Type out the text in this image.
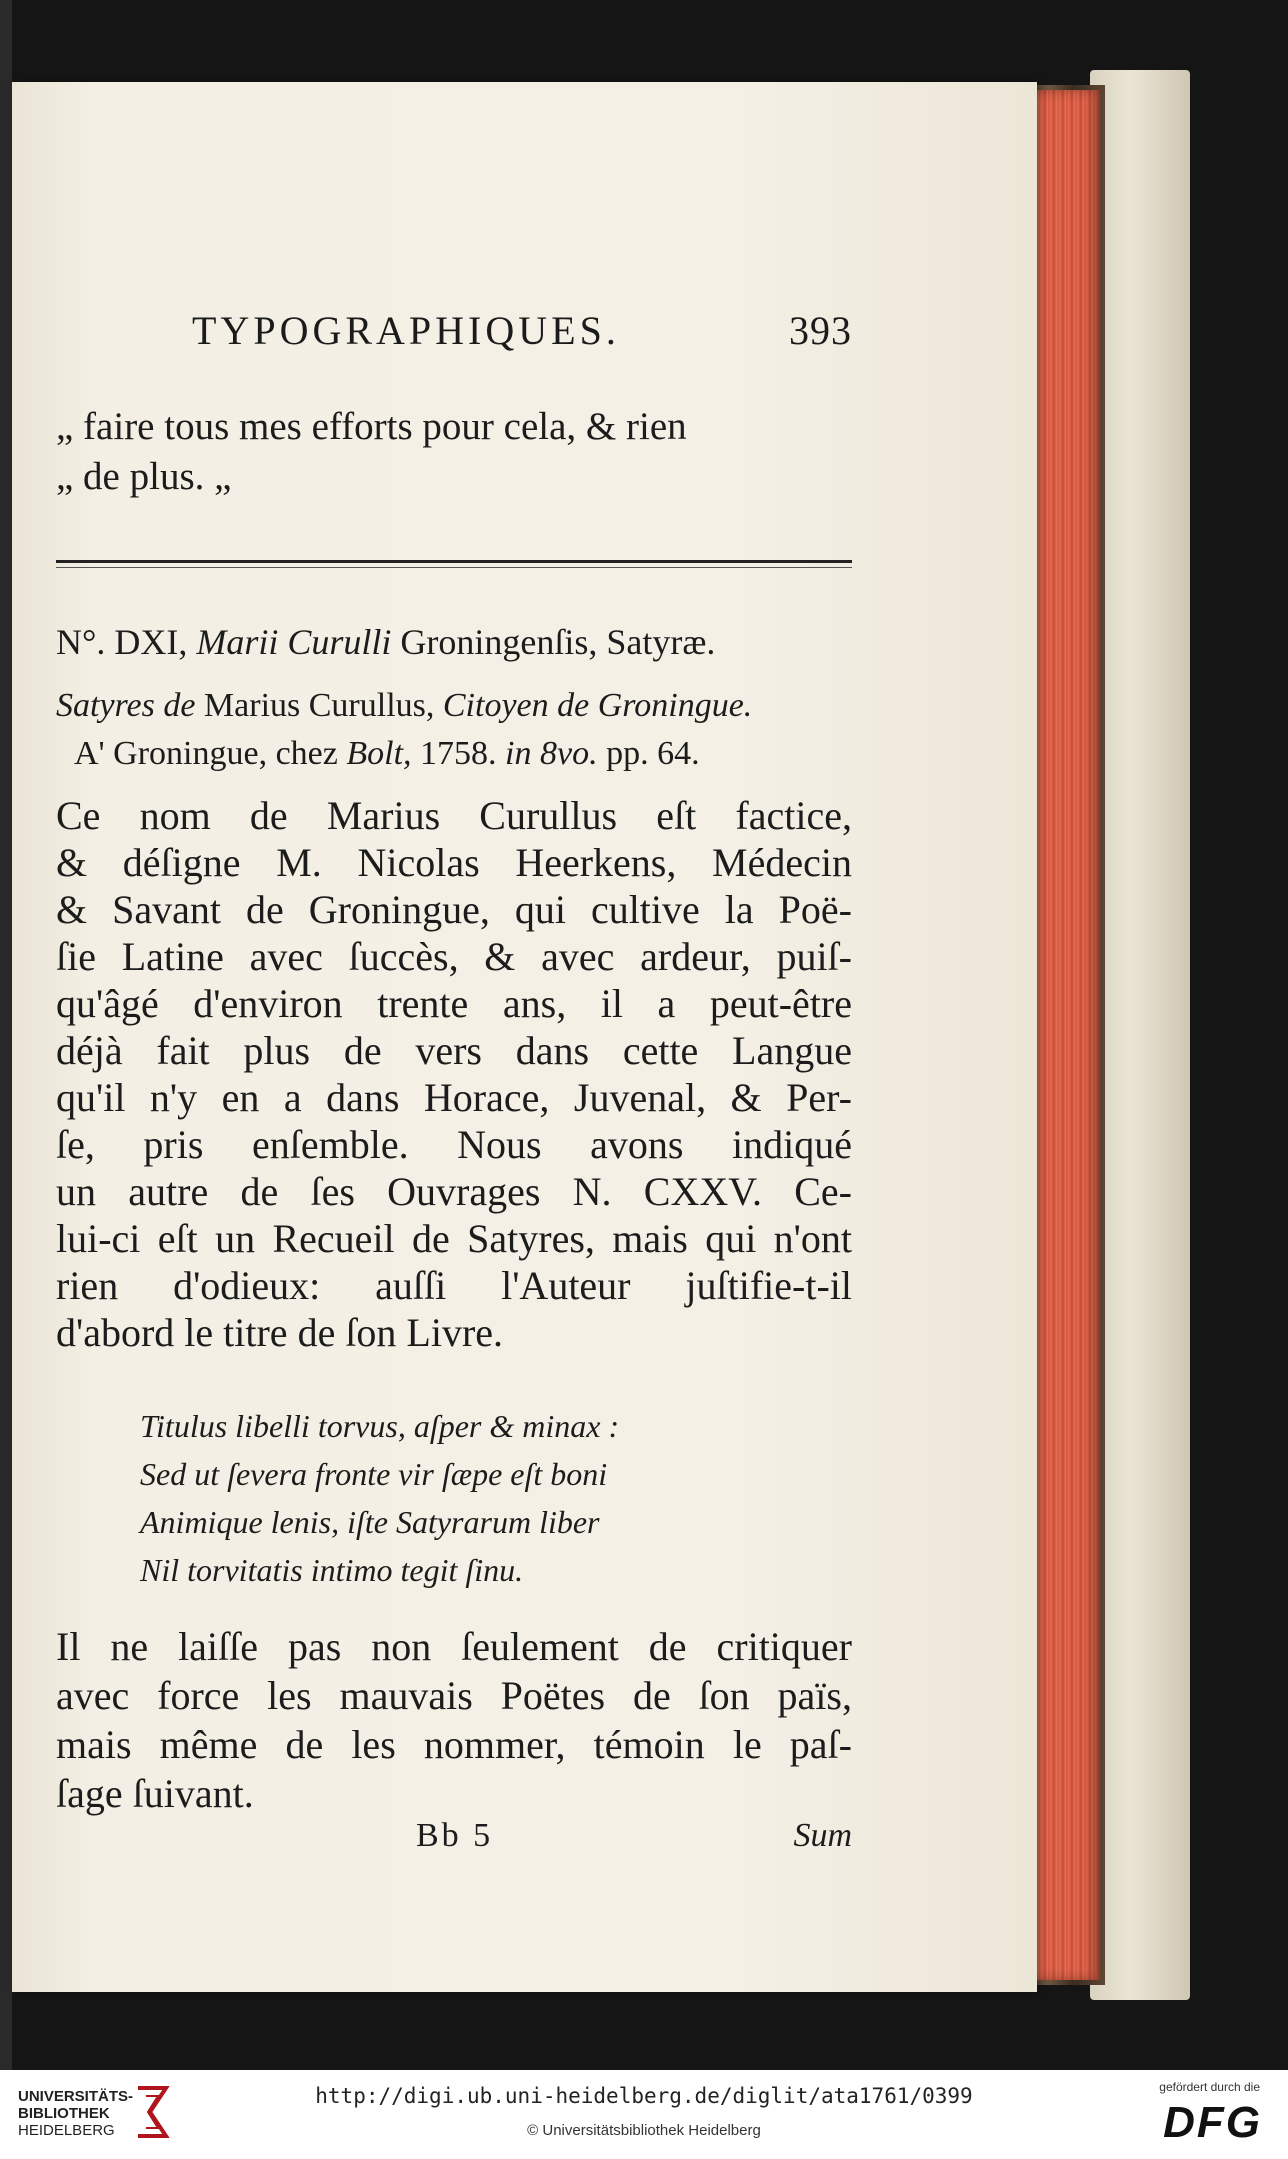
TYPOGRAPHIQUES.	393
„ faire tous mes efforts pour cela, & rien
„ de plus. „
N°. DXI, Marii Curulli Groningenſis, Satyræ.
Satyres de Marius Curullus, Citoyen de Groningue.
A' Groningue, chez Bolt, 1758. in 8vo. pp. 64.
Ce nom de Marius Curullus eſt factice,
& déſigne M. Nicolas Heerkens, Médecin
& Savant de Groningue, qui cultive la Poë-
ſie Latine avec ſuccès, & avec ardeur, puiſ-
qu'âgé d'environ trente ans, il a peut-être
déjà fait plus de vers dans cette Langue
qu'il n'y en a dans Horace, Juvenal, & Per-
ſe, pris enſemble. Nous avons indiqué
un autre de ſes Ouvrages N. CXXV. Ce-
lui-ci eſt un Recueil de Satyres, mais qui n'ont
rien d'odieux: auſſi l'Auteur juſtifie-t-il
d'abord le titre de ſon Livre.
Titulus libelli torvus, aſper & minax :
Sed ut ſevera fronte vir ſæpe eſt boni
Animique lenis, iſte Satyrarum liber
Nil torvitatis intimo tegit ſinu.
Il ne laiſſe pas non ſeulement de critiquer
avec force les mauvais Poëtes de ſon païs,
mais même de les nommer, témoin le paſ-
ſage ſuivant.
Bb 5	Sum
UNIVERSITÄTS-
BIBLIOTHEK
HEIDELBERG
http://digi.ub.uni-heidelberg.de/diglit/ata1761/0399
© Universitätsbibliothek Heidelberg
gefördert durch die
DFG
